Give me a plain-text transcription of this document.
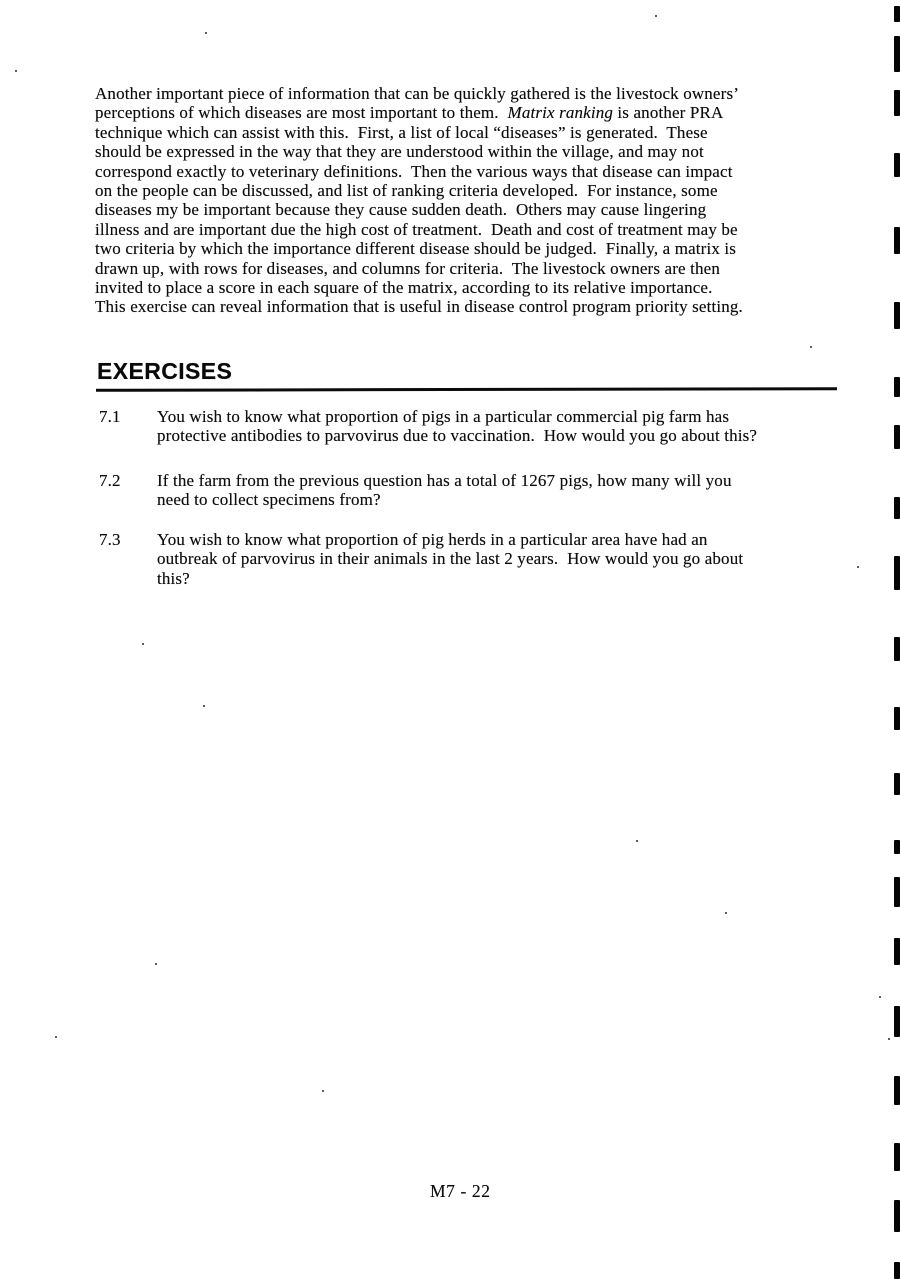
Another important piece of information that can be quickly gathered is the livestock owners’
perceptions of which diseases are most important to them.  Matrix ranking is another PRA
technique which can assist with this.  First, a list of local “diseases” is generated.  These
should be expressed in the way that they are understood within the village, and may not
correspond exactly to veterinary definitions.  Then the various ways that disease can impact
on the people can be discussed, and list of ranking criteria developed.  For instance, some
diseases my be important because they cause sudden death.  Others may cause lingering
illness and are important due the high cost of treatment.  Death and cost of treatment may be
two criteria by which the importance different disease should be judged.  Finally, a matrix is
drawn up, with rows for diseases, and columns for criteria.  The livestock owners are then
invited to place a score in each square of the matrix, according to its relative importance.
This exercise can reveal information that is useful in disease control program priority setting.
EXERCISES
7.1	You wish to know what proportion of pigs in a particular commercial pig farm has
protective antibodies to parvovirus due to vaccination.  How would you go about this?
7.2	If the farm from the previous question has a total of 1267 pigs, how many will you
need to collect specimens from?
7.3	You wish to know what proportion of pig herds in a particular area have had an
outbreak of parvovirus in their animals in the last 2 years.  How would you go about
this?
M7 - 22
